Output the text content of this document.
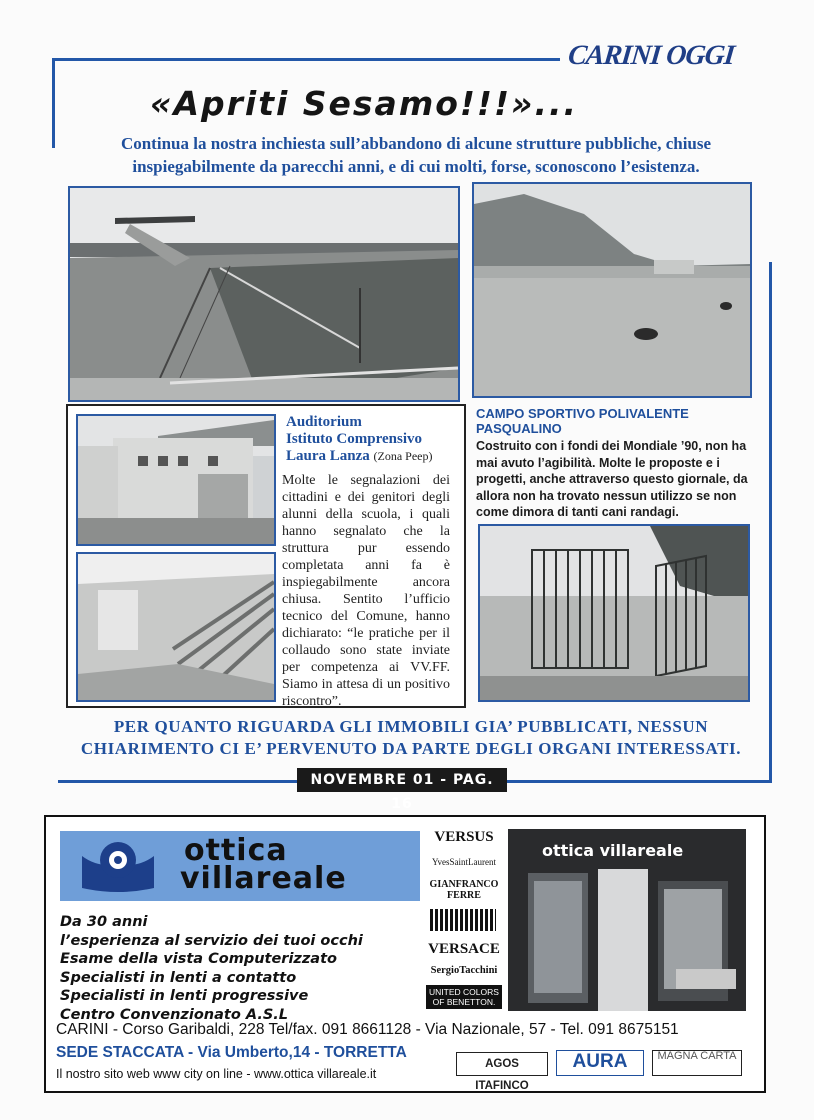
CARINI OGGI
«Apriti Sesamo!!!»...
Continua la nostra inchiesta sull’abbandono di alcune strutture pubbliche, chiuse inspiegabilmente da parecchi anni, e di cui molti, forse, sconoscono l’esistenza.
Auditorium
Istituto Comprensivo
Laura Lanza (Zona Peep)
Molte le segnalazioni dei cittadini e dei genitori degli alunni della scuola, i quali hanno segnalato che la struttura pur essendo completata anni fa è inspiegabilmente ancora chiusa. Sentito l’ufficio tecnico del Comune, hanno dichiarato: “le pratiche per il collaudo sono state inviate per competenza ai VV.FF. Siamo in attesa di un positivo riscontro”.
CAMPO SPORTIVO POLIVALENTE
PASQUALINO
Costruito con i fondi dei Mondiale ’90, non ha mai avuto l’agibilità. Molte le proposte e i progetti, anche attraverso questo giornale, da allora non ha trovato nessun utilizzo se non come dimora di tanti cani randagi.
PER QUANTO RIGUARDA GLI IMMOBILI GIA’ PUBBLICATI, NESSUN CHIARIMENTO CI E’ PERVENUTO DA PARTE DEGLI ORGANI INTERESSATI.
NOVEMBRE 01 - PAG. 16
ottica
villareale
Da 30 anni
l’esperienza al servizio dei tuoi occhi
Esame della vista Computerizzato
Specialisti in lenti a contatto
Specialisti in lenti progressive
Centro Convenzionato A.S.L
VERSUS
YvesSaintLaurent
GIANFRANCO FERRE
VERSACE
SergioTacchini
UNITED COLORS OF BENETTON.
ottica villareale
CARINI - Corso Garibaldi, 228 Tel/fax. 091 8661128 - Via Nazionale, 57 - Tel. 091 8675151
SEDE STACCATA - Via Umberto,14 - TORRETTA
Il nostro sito web www city on line - www.ottica villareale.it
AGOS ITAFINCO
AURA	MAGNA CARTA
